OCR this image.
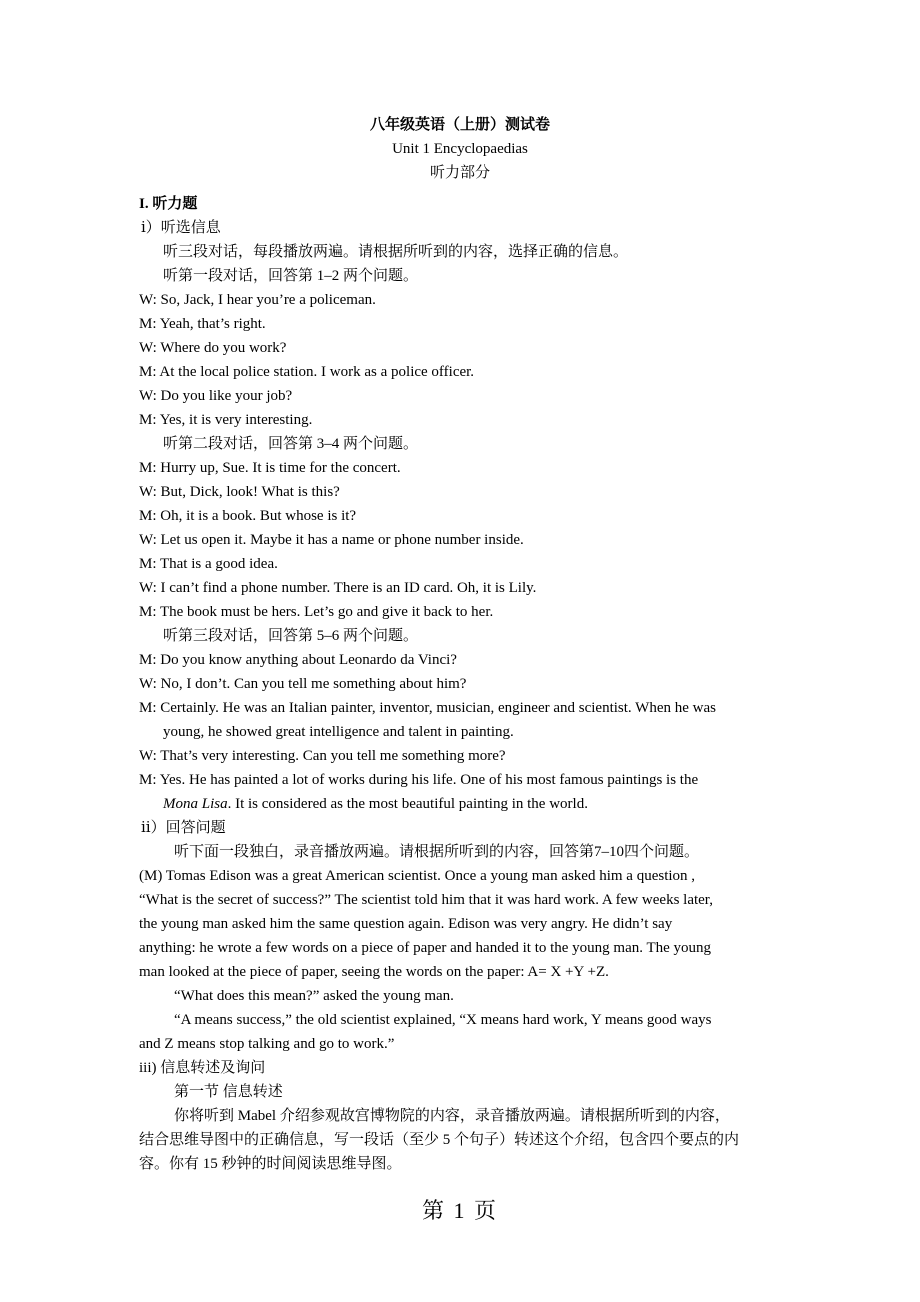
八年级英语（上册）测试卷
Unit 1 Encyclopaedias
听力部分
I. 听力题
ⅰ）听选信息
听三段对话，每段播放两遍。请根据所听到的内容，选择正确的信息。
听第一段对话，回答第 1–2 两个问题。
W: So, Jack, I hear you’re a policeman.
M: Yeah, that’s right.
W: Where do you work?
M: At the local police station. I work as a police officer.
W: Do you like your job?
M: Yes, it is very interesting.
听第二段对话，回答第 3–4 两个问题。
M: Hurry up, Sue. It is time for the concert.
W: But, Dick, look! What is this?
M: Oh, it is a book. But whose is it?
W: Let us open it. Maybe it has a name or phone number inside.
M: That is a good idea.
W: I can’t find a phone number. There is an ID card. Oh, it is Lily.
M: The book must be hers. Let’s go and give it back to her.
听第三段对话，回答第 5–6 两个问题。
M: Do you know anything about Leonardo da Vinci?
W: No, I don’t. Can you tell me something about him?
M: Certainly. He was an Italian painter, inventor, musician, engineer and scientist. When he was
young, he showed great intelligence and talent in painting.
W: That’s very interesting. Can you tell me something more?
M: Yes. He has painted a lot of works during his life. One of his most famous paintings is the
Mona Lisa. It is considered as the most beautiful painting in the world.
ⅱ）回答问题
听下面一段独白，录音播放两遍。请根据所听到的内容，回答第7–10四个问题。
(M) Tomas Edison was a great American scientist. Once a young man asked him a question ,
“What is the secret of success?” The scientist told him that it was hard work. A few weeks later,
the young man asked him the same question again. Edison was very angry. He didn’t say
anything: he wrote a few words on a piece of paper and handed it to the young man. The young
man looked at the piece of paper, seeing the words on the paper: A= X +Y +Z.
“What does this mean?” asked the young man.
“A means success,” the old scientist explained, “X means hard work, Y means good ways
and Z means stop talking and go to work.”
iii) 信息转述及询问
第一节 信息转述
你将听到 Mabel 介绍参观故宫博物院的内容，录音播放两遍。请根据所听到的内容，
结合思维导图中的正确信息，写一段话（至少 5 个句子）转述这个介绍，包含四个要点的内
容。你有 15 秒钟的时间阅读思维导图。
第 1 页
